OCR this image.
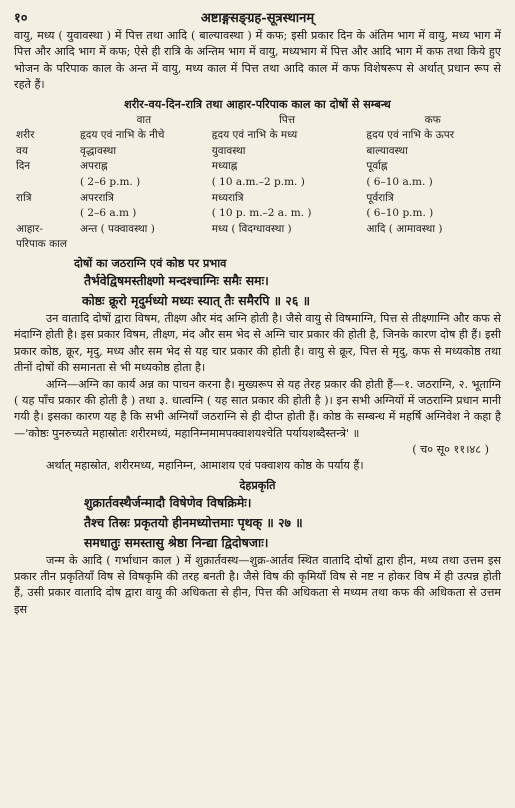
१०	अष्टाङ्गसङ्ग्रह-सूत्रस्थानम्

वायु, मध्य ( युवावस्था ) में पित्त तथा आदि ( बाल्यावस्था ) में कफ; इसी प्रकार दिन के अंतिम भाग में वायु, मध्य भाग में पित्त और आदि भाग में कफ; ऐसे ही रात्रि के अन्तिम भाग में वायु, मध्यभाग में पित्त और आदि भाग में कफ तथा किये हुए भोजन के परिपाक काल के अन्त में वायु, मध्य काल में पित्त तथा आदि काल में कफ विशेषरूप से अर्थात् प्रधान रूप से रहते हैं।

शरीर-वय-दिन-रात्रि तथा आहार-परिपाक काल का दोषों से सम्बन्ध
	वात	पित्त	कफ
शरीर	हृदय एवं नाभि के नीचे	हृदय एवं नाभि के मध्य	हृदय एवं नाभि के ऊपर
वय	वृद्धावस्था	युवावस्था	बाल्यावस्था
दिन	अपराह्न	मध्याह्न	पूर्वाह्न
	( 2–6 p.m. )	( 10 a.m.–2 p.m. )	( 6–10 a.m. )
रात्रि	अपररात्रि	मध्यरात्रि	पूर्वरात्रि
	( 2–6 a.m )	( 10 p. m.–2 a. m. )	( 6–10 p.m. )
आहार-	अन्त ( पक्वावस्था )	मध्य ( विदग्धावस्था )	आदि ( आमावस्था )
परिपाक काल			
दोषों का जठराग्नि एवं कोष्ठ पर प्रभाव

तैर्भवेद्विषमस्तीक्ष्णो मन्दश्चाग्निः समैः समः।

कोष्ठः क्रूरो मृदुर्मध्यो मध्यः स्यात् तैः समैरपि ॥ २६ ॥

उन वातादि दोषों द्वारा विषम, तीक्ष्ण और मंद अग्नि होती है। जैसे वायु से विषमाग्नि, पित्त से तीक्ष्णाग्नि और कफ से मंदाग्नि होती है। इस प्रकार विषम, तीक्ष्ण, मंद और सम भेद से अग्नि चार प्रकार की होती है, जिनके कारण दोष ही हैं। इसी प्रकार कोष्ठ, क्रूर, मृदु, मध्य और सम भेद से यह चार प्रकार की होती है। वायु से क्रूर, पित्त से मृदु, कफ से मध्यकोष्ठ तथा तीनों दोषों की समानता से भी मध्यकोष्ठ होता है।

अग्नि—अग्नि का कार्य अन्न का पाचन करना है। मुख्यरूप से यह तेरह प्रकार की होती हैं—१. जठराग्नि, २. भूताग्नि ( यह पाँच प्रकार की होती है ) तथा ३. धात्वग्नि ( यह सात प्रकार की होती है )। इन सभी अग्नियों में जठराग्नि प्रधान मानी गयी है। इसका कारण यह है कि सभी अग्नियाँ जठराग्नि से ही दीप्त होती हैं। कोष्ठ के सम्बन्ध में महर्षि अग्निवेश ने कहा है—'कोष्ठः पुनरुच्यते महास्रोतः शरीरमध्यं, महानिम्नमामपक्वाशयश्चेति पर्यायशब्दैस्तन्त्रे' ॥

( च० सू० ११।४८ )

अर्थात् महास्रोत, शरीरमध्य, महानिम्न, आमाशय एवं पक्वाशय कोष्ठ के पर्याय हैं।

देहप्रकृति

शुक्रार्तवस्थैर्जन्मादौ विषेणेव विषक्रिमेः।

तैश्च तिस्रः प्रकृतयो हीनमध्योत्तमाः पृथक् ॥ २७ ॥

समधातुः समस्तासु श्रेष्ठा निन्द्या द्विदोषजाः।

जन्म के आदि ( गर्भाधान काल ) में शुक्रार्तवस्थ—शुक्र-आर्तव स्थित वातादि दोषों द्वारा हीन, मध्य तथा उत्तम इस प्रकार तीन प्रकृतियाँ विष से विषकृमि की तरह बनती है। जैसे विष की कृमियाँ विष से नष्ट न होकर विष में ही उत्पन्न होती हैं, उसी प्रकार वातादि दोष द्वारा वायु की अधिकता से हीन, पित्त की अधिकता से मध्यम तथा कफ की अधिकता से उत्तम इस
